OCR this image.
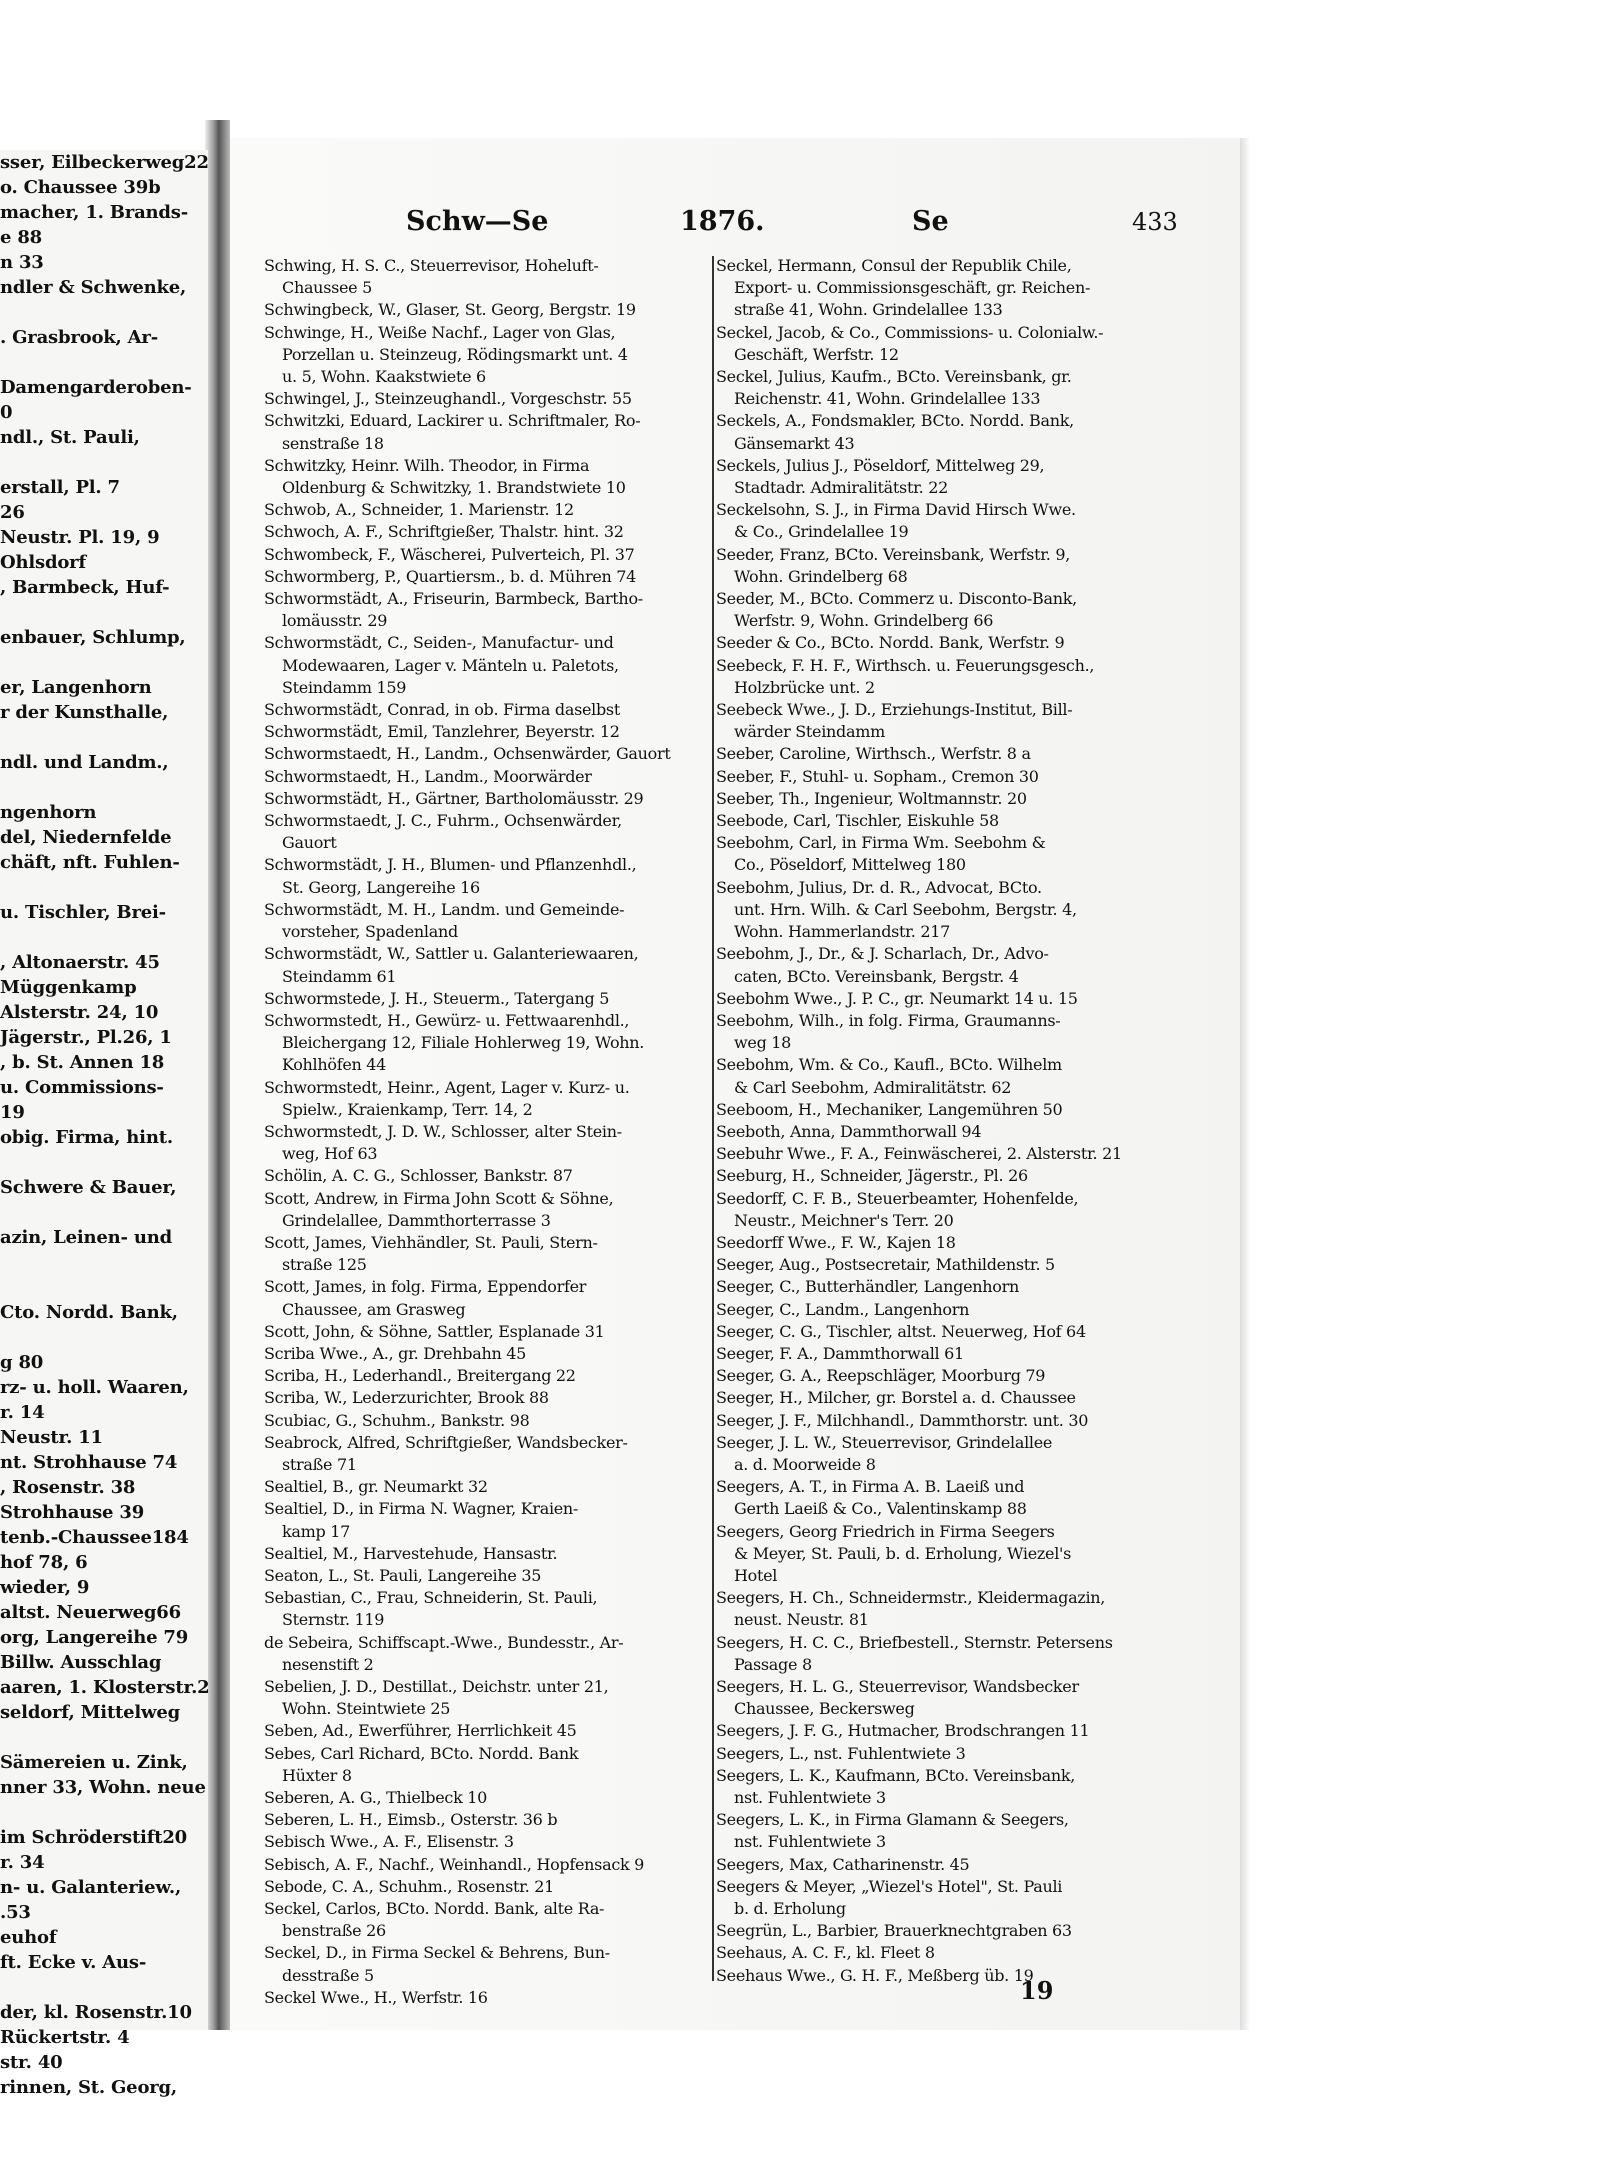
sser, Eilbeckerweg22
o. Chaussee 39b
macher, 1. Brands-
e 88
n 33
ndler & Schwenke,
. Grasbrook, Ar-
Damengarderoben-
0
ndl., St. Pauli,
erstall, Pl. 7
26
Neustr. Pl. 19, 9
Ohlsdorf
, Barmbeck, Huf-
enbauer, Schlump,
er, Langenhorn
r der Kunsthalle,
ndl. und Landm.,
ngenhorn
del, Niedernfelde
chäft, nft. Fuhlen-
u. Tischler, Brei-
, Altonaerstr. 45
Müggenkamp
Alsterstr. 24, 10
Jägerstr., Pl.26, 1
, b. St. Annen 18
u. Commissions-
19
obig. Firma, hint.
Schwere & Bauer,
azin, Leinen- und
Cto. Nordd. Bank,
g 80
rz- u. holl. Waaren,
r. 14
Neustr. 11
nt. Strohhause 74
, Rosenstr. 38
Strohhause 39
tenb.-Chaussee184
hof 78, 6
wieder, 9
altst. Neuerweg66
org, Langereihe 79
Billw. Ausschlag
aaren, 1. Klosterstr.2
seldorf, Mittelweg
Sämereien u. Zink,
nner 33, Wohn. neue
im Schröderstift20
r. 34
n- u. Galanteriew.,
.53
euhof
ft. Ecke v. Aus-
der, kl. Rosenstr.10
Rückertstr. 4
str. 40
rinnen, St. Georg,
Schw—Se	1876.	Se	433
Schwing, H. S. C., Steuerrevisor, Hoheluft-
Chaussee 5
Schwingbeck, W., Glaser, St. Georg, Bergstr. 19
Schwinge, H., Weiße Nachf., Lager von Glas,
Porzellan u. Steinzeug, Rödingsmarkt unt. 4
u. 5, Wohn. Kaakstwiete 6
Schwingel, J., Steinzeughandl., Vorgeschstr. 55
Schwitzki, Eduard, Lackirer u. Schriftmaler, Ro-
senstraße 18
Schwitzky, Heinr. Wilh. Theodor, in Firma
Oldenburg & Schwitzky, 1. Brandstwiete 10
Schwob, A., Schneider, 1. Marienstr. 12
Schwoch, A. F., Schriftgießer, Thalstr. hint. 32
Schwombeck, F., Wäscherei, Pulverteich, Pl. 37
Schwormberg, P., Quartiersm., b. d. Mühren 74
Schwormstädt, A., Friseurin, Barmbeck, Bartho-
lomäusstr. 29
Schwormstädt, C., Seiden-, Manufactur- und
Modewaaren, Lager v. Mänteln u. Paletots,
Steindamm 159
Schwormstädt, Conrad, in ob. Firma daselbst
Schwormstädt, Emil, Tanzlehrer, Beyerstr. 12
Schwormstaedt, H., Landm., Ochsenwärder, Gauort
Schwormstaedt, H., Landm., Moorwärder
Schwormstädt, H., Gärtner, Bartholomäusstr. 29
Schwormstaedt, J. C., Fuhrm., Ochsenwärder,
Gauort
Schwormstädt, J. H., Blumen- und Pflanzenhdl.,
St. Georg, Langereihe 16
Schwormstädt, M. H., Landm. und Gemeinde-
vorsteher, Spadenland
Schwormstädt, W., Sattler u. Galanteriewaaren,
Steindamm 61
Schwormstede, J. H., Steuerm., Tatergang 5
Schwormstedt, H., Gewürz- u. Fettwaarenhdl.,
Bleichergang 12, Filiale Hohlerweg 19, Wohn.
Kohlhöfen 44
Schwormstedt, Heinr., Agent, Lager v. Kurz- u.
Spielw., Kraienkamp, Terr. 14, 2
Schwormstedt, J. D. W., Schlosser, alter Stein-
weg, Hof 63
Schölin, A. C. G., Schlosser, Bankstr. 87
Scott, Andrew, in Firma John Scott & Söhne,
Grindelallee, Dammthorterrasse 3
Scott, James, Viehhändler, St. Pauli, Stern-
straße 125
Scott, James, in folg. Firma, Eppendorfer
Chaussee, am Grasweg
Scott, John, & Söhne, Sattler, Esplanade 31
Scriba Wwe., A., gr. Drehbahn 45
Scriba, H., Lederhandl., Breitergang 22
Scriba, W., Lederzurichter, Brook 88
Scubiac, G., Schuhm., Bankstr. 98
Seabrock, Alfred, Schriftgießer, Wandsbecker-
straße 71
Sealtiel, B., gr. Neumarkt 32
Sealtiel, D., in Firma N. Wagner, Kraien-
kamp 17
Sealtiel, M., Harvestehude, Hansastr.
Seaton, L., St. Pauli, Langereihe 35
Sebastian, C., Frau, Schneiderin, St. Pauli,
Sternstr. 119
de Sebeira, Schiffscapt.-Wwe., Bundesstr., Ar-
nesenstift 2
Sebelien, J. D., Destillat., Deichstr. unter 21,
Wohn. Steintwiete 25
Seben, Ad., Ewerführer, Herrlichkeit 45
Sebes, Carl Richard, BCto. Nordd. Bank
Hüxter 8
Seberen, A. G., Thielbeck 10
Seberen, L. H., Eimsb., Osterstr. 36 b
Sebisch Wwe., A. F., Elisenstr. 3
Sebisch, A. F., Nachf., Weinhandl., Hopfensack 9
Sebode, C. A., Schuhm., Rosenstr. 21
Seckel, Carlos, BCto. Nordd. Bank, alte Ra-
benstraße 26
Seckel, D., in Firma Seckel & Behrens, Bun-
desstraße 5
Seckel Wwe., H., Werfstr. 16
Seckel, Hermann, Consul der Republik Chile,
Export- u. Commissionsgeschäft, gr. Reichen-
straße 41, Wohn. Grindelallee 133
Seckel, Jacob, & Co., Commissions- u. Colonialw.-
Geschäft, Werfstr. 12
Seckel, Julius, Kaufm., BCto. Vereinsbank, gr.
Reichenstr. 41, Wohn. Grindelallee 133
Seckels, A., Fondsmakler, BCto. Nordd. Bank,
Gänsemarkt 43
Seckels, Julius J., Pöseldorf, Mittelweg 29,
Stadtadr. Admiralitätstr. 22
Seckelsohn, S. J., in Firma David Hirsch Wwe.
& Co., Grindelallee 19
Seeder, Franz, BCto. Vereinsbank, Werfstr. 9,
Wohn. Grindelberg 68
Seeder, M., BCto. Commerz u. Disconto-Bank,
Werfstr. 9, Wohn. Grindelberg 66
Seeder & Co., BCto. Nordd. Bank, Werfstr. 9
Seebeck, F. H. F., Wirthsch. u. Feuerungsgesch.,
Holzbrücke unt. 2
Seebeck Wwe., J. D., Erziehungs-Institut, Bill-
wärder Steindamm
Seeber, Caroline, Wirthsch., Werfstr. 8 a
Seeber, F., Stuhl- u. Sopham., Cremon 30
Seeber, Th., Ingenieur, Woltmannstr. 20
Seebode, Carl, Tischler, Eiskuhle 58
Seebohm, Carl, in Firma Wm. Seebohm &
Co., Pöseldorf, Mittelweg 180
Seebohm, Julius, Dr. d. R., Advocat, BCto.
unt. Hrn. Wilh. & Carl Seebohm, Bergstr. 4,
Wohn. Hammerlandstr. 217
Seebohm, J., Dr., & J. Scharlach, Dr., Advo-
caten, BCto. Vereinsbank, Bergstr. 4
Seebohm Wwe., J. P. C., gr. Neumarkt 14 u. 15
Seebohm, Wilh., in folg. Firma, Graumanns-
weg 18
Seebohm, Wm. & Co., Kaufl., BCto. Wilhelm
& Carl Seebohm, Admiralitätstr. 62
Seeboom, H., Mechaniker, Langemühren 50
Seeboth, Anna, Dammthorwall 94
Seebuhr Wwe., F. A., Feinwäscherei, 2. Alsterstr. 21
Seeburg, H., Schneider, Jägerstr., Pl. 26
Seedorff, C. F. B., Steuerbeamter, Hohenfelde,
Neustr., Meichner's Terr. 20
Seedorff Wwe., F. W., Kajen 18
Seeger, Aug., Postsecretair, Mathildenstr. 5
Seeger, C., Butterhändler, Langenhorn
Seeger, C., Landm., Langenhorn
Seeger, C. G., Tischler, altst. Neuerweg, Hof 64
Seeger, F. A., Dammthorwall 61
Seeger, G. A., Reepschläger, Moorburg 79
Seeger, H., Milcher, gr. Borstel a. d. Chaussee
Seeger, J. F., Milchhandl., Dammthorstr. unt. 30
Seeger, J. L. W., Steuerrevisor, Grindelallee
a. d. Moorweide 8
Seegers, A. T., in Firma A. B. Laeiß und
Gerth Laeiß & Co., Valentinskamp 88
Seegers, Georg Friedrich in Firma Seegers
& Meyer, St. Pauli, b. d. Erholung, Wiezel's
Hotel
Seegers, H. Ch., Schneidermstr., Kleidermagazin,
neust. Neustr. 81
Seegers, H. C. C., Briefbestell., Sternstr. Petersens
Passage 8
Seegers, H. L. G., Steuerrevisor, Wandsbecker
Chaussee, Beckersweg
Seegers, J. F. G., Hutmacher, Brodschrangen 11
Seegers, L., nst. Fuhlentwiete 3
Seegers, L. K., Kaufmann, BCto. Vereinsbank,
nst. Fuhlentwiete 3
Seegers, L. K., in Firma Glamann & Seegers,
nst. Fuhlentwiete 3
Seegers, Max, Catharinenstr. 45
Seegers & Meyer, „Wiezel's Hotel", St. Pauli
b. d. Erholung
Seegrün, L., Barbier, Brauerknechtgraben 63
Seehaus, A. C. F., kl. Fleet 8
Seehaus Wwe., G. H. F., Meßberg üb. 19
19
